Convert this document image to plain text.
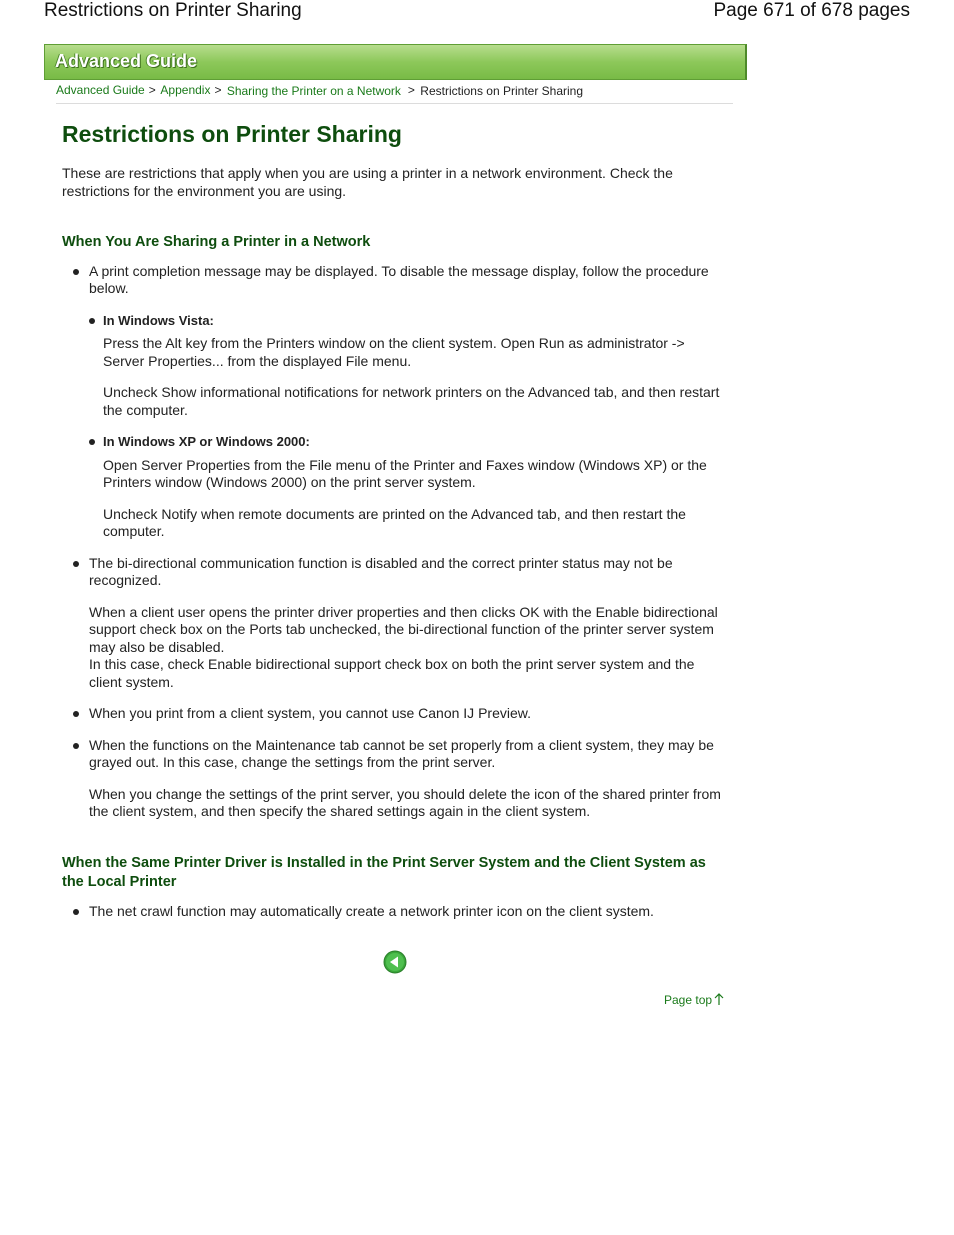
Restrictions on Printer Sharing	Page 671 of 678 pages
Advanced Guide
Advanced Guide > Appendix > Sharing the Printer on a Network > Restrictions on Printer Sharing
Restrictions on Printer Sharing

These are restrictions that apply when you are using a printer in a network environment. Check the restrictions for the environment you are using.

When You Are Sharing a Printer in a Network

A print completion message may be displayed. To disable the message display, follow the procedure below.

In Windows Vista:

Press the Alt key from the Printers window on the client system. Open Run as administrator -> Server Properties... from the displayed File menu.

Uncheck Show informational notifications for network printers on the Advanced tab, and then restart the computer.

In Windows XP or Windows 2000:

Open Server Properties from the File menu of the Printer and Faxes window (Windows XP) or the Printers window (Windows 2000) on the print server system.

Uncheck Notify when remote documents are printed on the Advanced tab, and then restart the computer.

The bi-directional communication function is disabled and the correct printer status may not be recognized.

When a client user opens the printer driver properties and then clicks OK with the Enable bidirectional support check box on the Ports tab unchecked, the bi-directional function of the printer server system may also be disabled.

In this case, check Enable bidirectional support check box on both the print server system and the client system.

When you print from a client system, you cannot use Canon IJ Preview.

When the functions on the Maintenance tab cannot be set properly from a client system, they may be grayed out. In this case, change the settings from the print server.

When you change the settings of the print server, you should delete the icon of the shared printer from the client system, and then specify the shared settings again in the client system.

When the Same Printer Driver is Installed in the Print Server System and the Client System as the Local Printer

The net crawl function may automatically create a network printer icon on the client system.

Page top
